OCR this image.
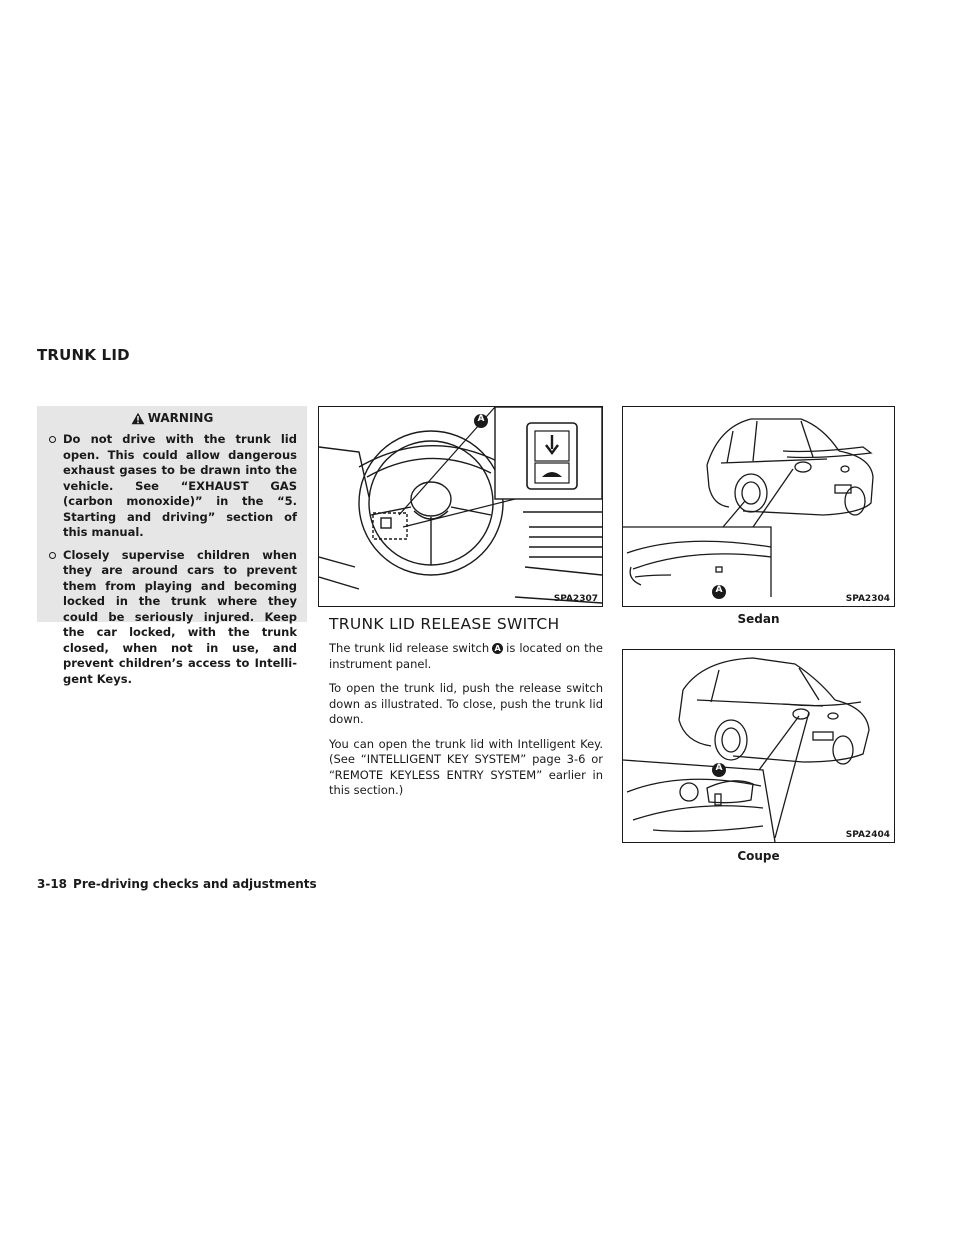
TRUNK LID
WARNING
Do not drive with the trunk lid open. This could allow dangerous exhaust gases to be drawn into the vehicle. See “EXHAUST GAS (carbon monoxide)” in the “5. Starting and driving” section of this manual.
Closely supervise children when they are around cars to prevent them from playing and becoming locked in the trunk where they could be seriously injured. Keep the car locked, with the trunk closed, when not in use, and prevent children’s access to Intelli-gent Keys.
A
SPA2307
A
SPA2304
Sedan
A
SPA2404
Coupe
TRUNK LID RELEASE SWITCH

The trunk lid release switch A is located on the instrument panel.

To open the trunk lid, push the release switch down as illustrated. To close, push the trunk lid down.

You can open the trunk lid with Intelligent Key. (See “INTELLIGENT KEY SYSTEM” page 3-6 or “REMOTE KEYLESS ENTRY SYSTEM” earlier in this section.)

3-18 Pre-driving checks and adjustments
